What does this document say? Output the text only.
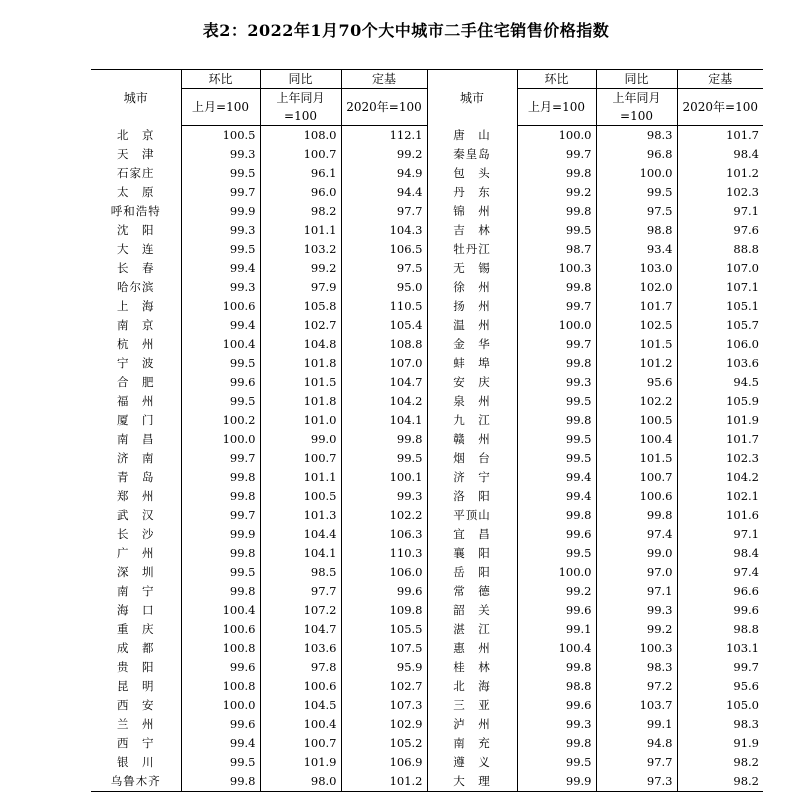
表2：2022年1月70个大中城市二手住宅销售价格指数
城市	环比	同比	定基	城市	环比	同比	定基
	上月=100	上年同月=100	2020年=100		上月=100	上年同月=100	2020年=100
北　京	100.5	108.0	112.1	唐　山	100.0	98.3	101.7
天　津	99.3	100.7	99.2	秦皇岛	99.7	96.8	98.4
石家庄	99.5	96.1	94.9	包　头	99.8	100.0	101.2
太　原	99.7	96.0	94.4	丹　东	99.2	99.5	102.3
呼和浩特	99.9	98.2	97.7	锦　州	99.8	97.5	97.1
沈　阳	99.3	101.1	104.3	吉　林	99.5	98.8	97.6
大　连	99.5	103.2	106.5	牡丹江	98.7	93.4	88.8
长　春	99.4	99.2	97.5	无　锡	100.3	103.0	107.0
哈尔滨	99.3	97.9	95.0	徐　州	99.8	102.0	107.1
上　海	100.6	105.8	110.5	扬　州	99.7	101.7	105.1
南　京	99.4	102.7	105.4	温　州	100.0	102.5	105.7
杭　州	100.4	104.8	108.8	金　华	99.7	101.5	106.0
宁　波	99.5	101.8	107.0	蚌　埠	99.8	101.2	103.6
合　肥	99.6	101.5	104.7	安　庆	99.3	95.6	94.5
福　州	99.5	101.8	104.2	泉　州	99.5	102.2	105.9
厦　门	100.2	101.0	104.1	九　江	99.8	100.5	101.9
南　昌	100.0	99.0	99.8	赣　州	99.5	100.4	101.7
济　南	99.7	100.7	99.5	烟　台	99.5	101.5	102.3
青　岛	99.8	101.1	100.1	济　宁	99.4	100.7	104.2
郑　州	99.8	100.5	99.3	洛　阳	99.4	100.6	102.1
武　汉	99.7	101.3	102.2	平顶山	99.8	99.8	101.6
长　沙	99.9	104.4	106.3	宜　昌	99.6	97.4	97.1
广　州	99.8	104.1	110.3	襄　阳	99.5	99.0	98.4
深　圳	99.5	98.5	106.0	岳　阳	100.0	97.0	97.4
南　宁	99.8	97.7	99.6	常　德	99.2	97.1	96.6
海　口	100.4	107.2	109.8	韶　关	99.6	99.3	99.6
重　庆	100.6	104.7	105.5	湛　江	99.1	99.2	98.8
成　都	100.8	103.6	107.5	惠　州	100.4	100.3	103.1
贵　阳	99.6	97.8	95.9	桂　林	99.8	98.3	99.7
昆　明	100.8	100.6	102.7	北　海	98.8	97.2	95.6
西　安	100.0	104.5	107.3	三　亚	99.6	103.7	105.0
兰　州	99.6	100.4	102.9	泸　州	99.3	99.1	98.3
西　宁	99.4	100.7	105.2	南　充	99.8	94.8	91.9
银　川	99.5	101.9	106.9	遵　义	99.5	97.7	98.2
乌鲁木齐	99.8	98.0	101.2	大　理	99.9	97.3	98.2
